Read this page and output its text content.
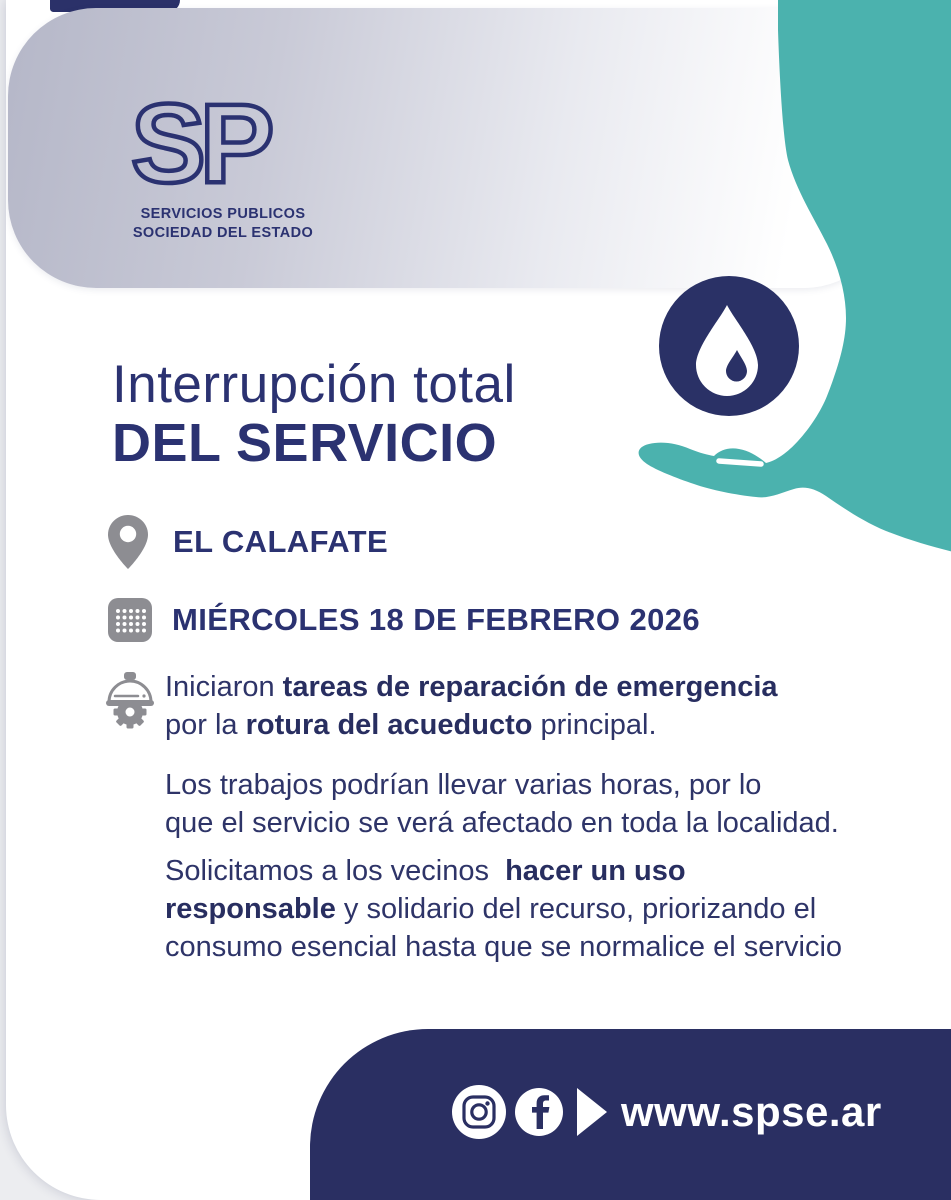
SP
SERVICIOS PUBLICOS
SOCIEDAD DEL ESTADO
Interrupción total
DEL SERVICIO
EL CALAFATE
MIÉRCOLES 18 DE FEBRERO 2026
Iniciaron tareas de reparación de emergencia
por la rotura del acueducto principal.
Los trabajos podrían llevar varias horas, por lo
que el servicio se verá afectado en toda la localidad.
Solicitamos a los vecinos  hacer un uso
responsable y solidario del recurso, priorizando el
consumo esencial hasta que se normalice el servicio
www.spse.ar
